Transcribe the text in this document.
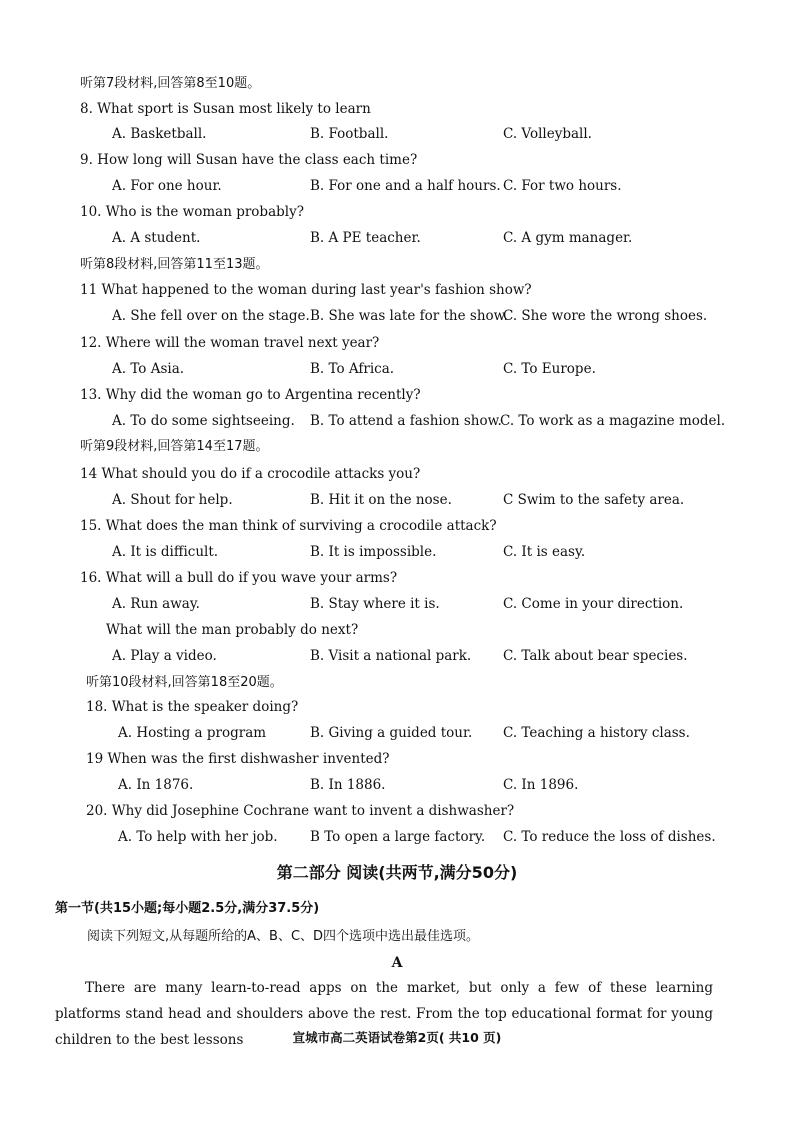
听第7段材料,回答第8至10题。
8. What sport is Susan most likely to learn
A. Basketball.	B. Football.	C. Volleyball.
9. How long will Susan have the class each time?
A. For one hour.	B. For one and a half hours. C. For two hours.
10. Who is the woman probably?
A. A student.	B. A PE teacher.	C. A gym manager.
听第8段材料,回答第11至13题。
11 What happened to the woman during last year's fashion show?
A. She fell over on the stage. B. She was late for the show.
C. She wore the wrong shoes.
12. Where will the woman travel next year?
A. To Asia.	B. To Africa.	C. To Europe.
13. Why did the woman go to Argentina recently?
A. To do some sightseeing. B. To attend a fashion show.
C. To work as a magazine model.
听第9段材料,回答第14至17题。
14 What should you do if a crocodile attacks you?
A. Shout for help.	B. Hit it on the nose.	C Swim to the safety area.
15. What does the man think of surviving a crocodile attack?
A. It is difficult.	B. It is impossible.	C. It is easy.
16. What will a bull do if you wave your arms?
A. Run away.	B. Stay where it is.	C. Come in your direction.
What will the man probably do next?
A. Play a video.	B. Visit a national park. C. Talk about bear species.
听第10段材料,回答第18至20题。
18. What is the speaker doing?
A. Hosting a program	B. Giving a guided tour. C. Teaching a history class.
19 When was the first dishwasher invented?
A. In 1876.	B. In 1886.	C. In 1896.
20. Why did Josephine Cochrane want to invent a dishwasher?
A. To help with her job. B To open a large factory. C. To reduce the loss of dishes.
第二部分 阅读(共两节,满分50分)
第一节(共15小题;每小题2.5分,满分37.5分)
阅读下列短文,从每题所给的A、B、C、D四个选项中选出最佳选项。
A
There are many learn-to-read apps on the market, but only a few of these learning platforms stand head and shoulders above the rest. From the top educational format for young children to the best lessons	宣城市高二英语试卷第2页( 共10 页)
